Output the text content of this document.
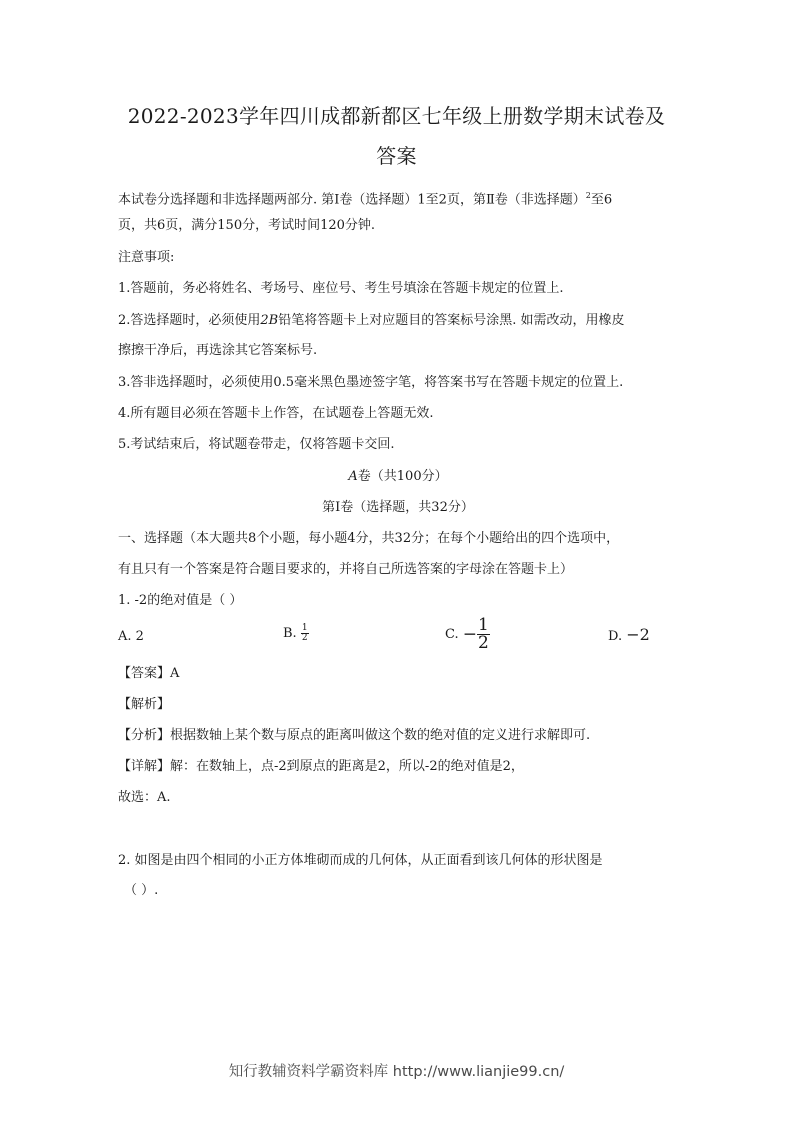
2022-2023学年四川成都新都区七年级上册数学期末试卷及
答案
本试卷分选择题和非选择题两部分. 第Ⅰ卷（选择题）1至2页，第Ⅱ卷（非选择题）$^2$至6
页，共6页，满分150分，考试时间120分钟.
注意事项:
1.答题前，务必将姓名、考场号、座位号、考生号填涂在答题卡规定的位置上.
2.答选择题时，必须使用2B铅笔将答题卡上对应题目的答案标号涂黑. 如需改动，用橡皮
擦擦干净后，再选涂其它答案标号.
3.答非选择题时，必须使用0.5毫米黑色墨迹签字笔，将答案书写在答题卡规定的位置上.
4.所有题目必须在答题卡上作答，在试题卷上答题无效.
5.考试结束后，将试题卷带走，仅将答题卡交回.
A卷（共100分）
第Ⅰ卷（选择题，共32分）
一、选择题（本大题共8个小题，每小题4分，共32分；在每个小题给出的四个选项中，
有且只有一个答案是符合题目要求的，并将自己所选答案的字母涂在答题卡上）
1. -2的绝对值是（ ）
A. 2	B. $\frac{1}{2}$	C. − $\frac{1}{2}$	D. −2
【答案】A
【解析】
【分析】根据数轴上某个数与原点的距离叫做这个数的绝对值的定义进行求解即可.
【详解】解：在数轴上，点-2到原点的距离是2，所以-2的绝对值是2，
故选：A.
2. 如图是由四个相同的小正方体堆砌而成的几何体，从正面看到该几何体的形状图是
（ ）.
知行教辅资料学霸资料库 http://www.lianjie99.cn/
